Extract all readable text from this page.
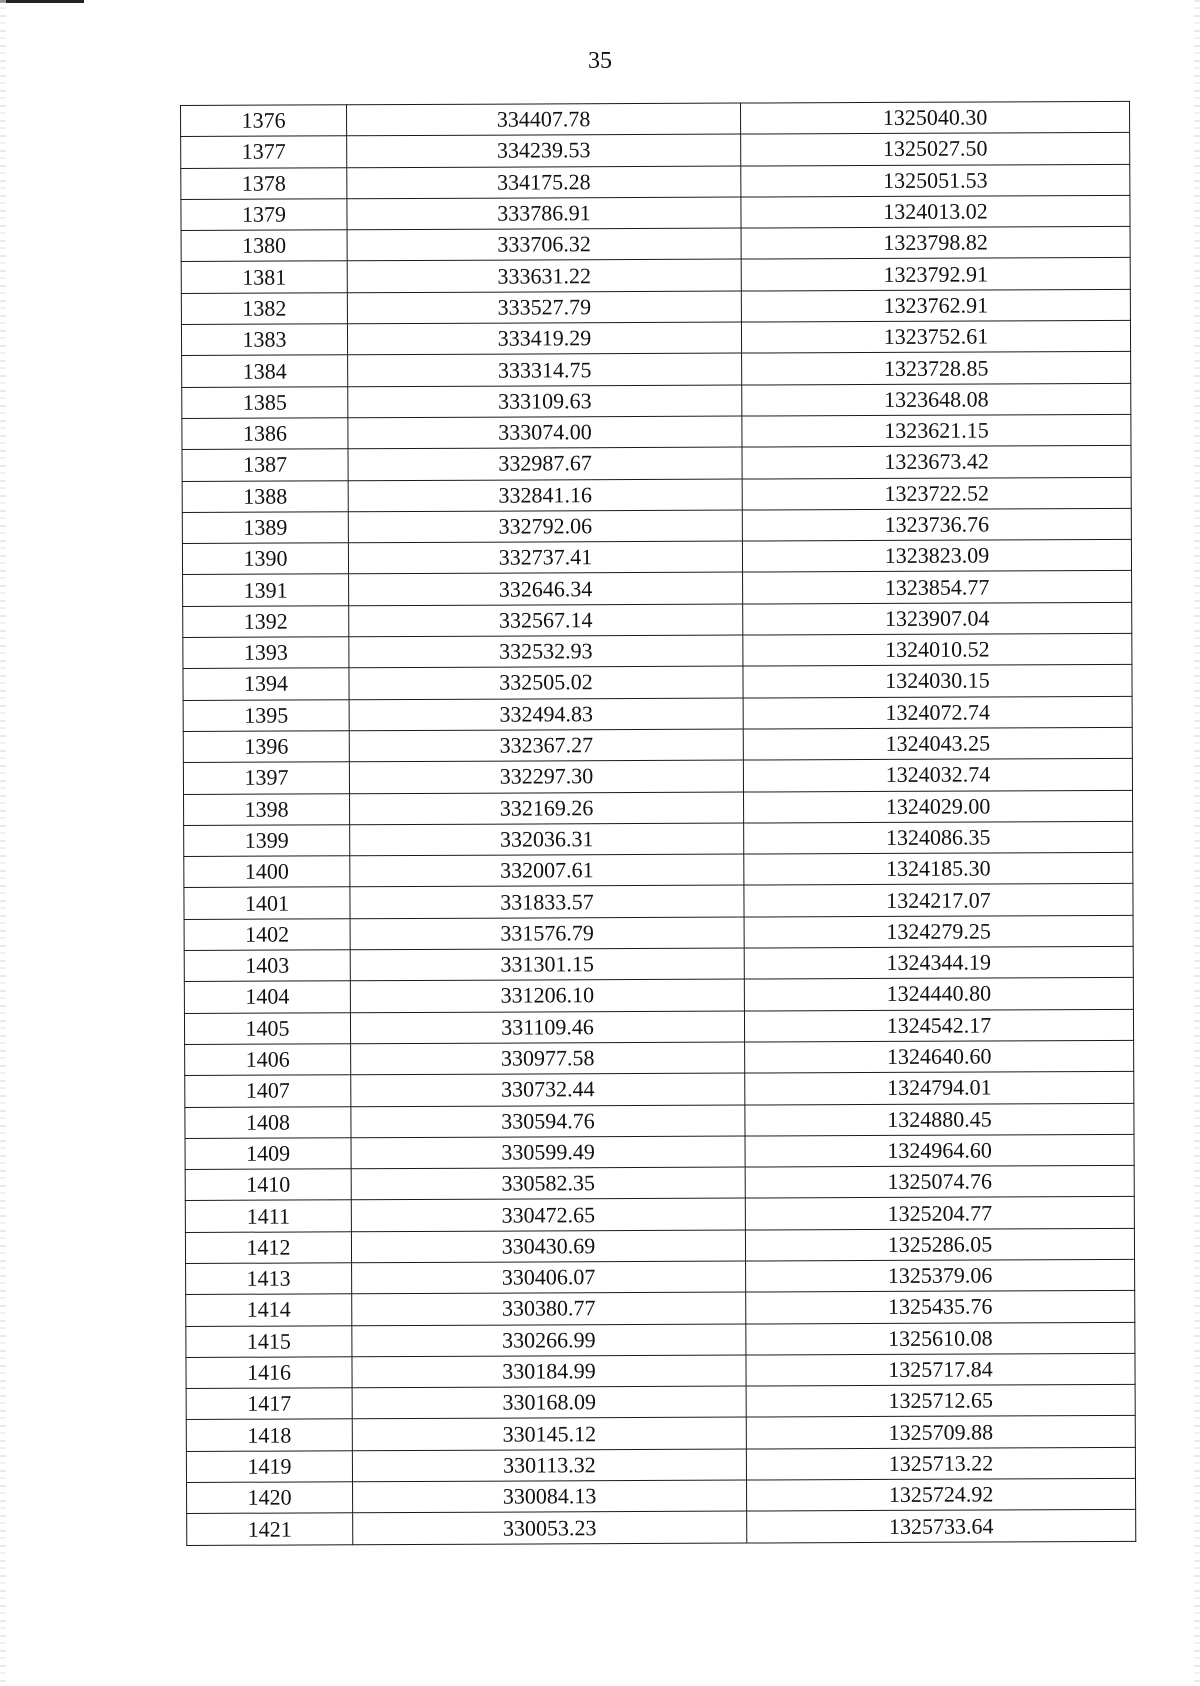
35
1376	334407.78	1325040.30
1377	334239.53	1325027.50
1378	334175.28	1325051.53
1379	333786.91	1324013.02
1380	333706.32	1323798.82
1381	333631.22	1323792.91
1382	333527.79	1323762.91
1383	333419.29	1323752.61
1384	333314.75	1323728.85
1385	333109.63	1323648.08
1386	333074.00	1323621.15
1387	332987.67	1323673.42
1388	332841.16	1323722.52
1389	332792.06	1323736.76
1390	332737.41	1323823.09
1391	332646.34	1323854.77
1392	332567.14	1323907.04
1393	332532.93	1324010.52
1394	332505.02	1324030.15
1395	332494.83	1324072.74
1396	332367.27	1324043.25
1397	332297.30	1324032.74
1398	332169.26	1324029.00
1399	332036.31	1324086.35
1400	332007.61	1324185.30
1401	331833.57	1324217.07
1402	331576.79	1324279.25
1403	331301.15	1324344.19
1404	331206.10	1324440.80
1405	331109.46	1324542.17
1406	330977.58	1324640.60
1407	330732.44	1324794.01
1408	330594.76	1324880.45
1409	330599.49	1324964.60
1410	330582.35	1325074.76
1411	330472.65	1325204.77
1412	330430.69	1325286.05
1413	330406.07	1325379.06
1414	330380.77	1325435.76
1415	330266.99	1325610.08
1416	330184.99	1325717.84
1417	330168.09	1325712.65
1418	330145.12	1325709.88
1419	330113.32	1325713.22
1420	330084.13	1325724.92
1421	330053.23	1325733.64
